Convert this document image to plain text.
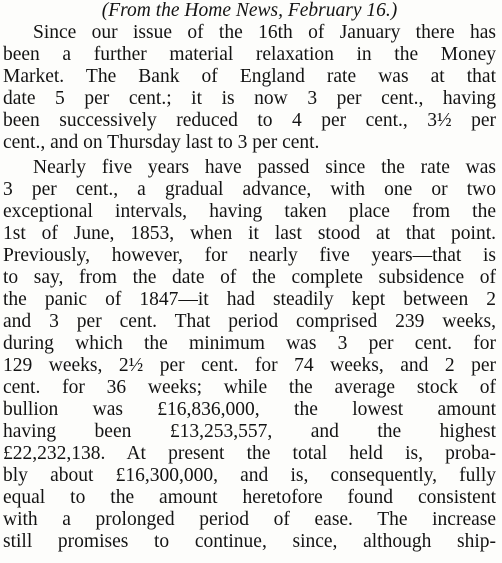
(From the Home News, February 16.)
Since our issue of the 16th of January there has
been a further material relaxation in the Money
Market. The Bank of England rate was at that
date 5 per cent.; it is now 3 per cent., having
been successively reduced to 4 per cent., 3½ per
cent., and on Thursday last to 3 per cent.
Nearly five years have passed since the rate was
3 per cent., a gradual advance, with one or two
exceptional intervals, having taken place from the
1st of June, 1853, when it last stood at that point.
Previously, however, for nearly five years—that is
to say, from the date of the complete subsidence of
the panic of 1847—it had steadily kept between 2
and 3 per cent. That period comprised 239 weeks,
during which the minimum was 3 per cent. for
129 weeks, 2½ per cent. for 74 weeks, and 2 per
cent. for 36 weeks; while the average stock of
bullion was £16,836,000, the lowest amount
having been £13,253,557, and the highest
£22,232,138. At present the total held is, proba-
bly about £16,300,000, and is, consequently, fully
equal to the amount heretofore found consistent
with a prolonged period of ease. The increase
still promises to continue, since, although ship-
